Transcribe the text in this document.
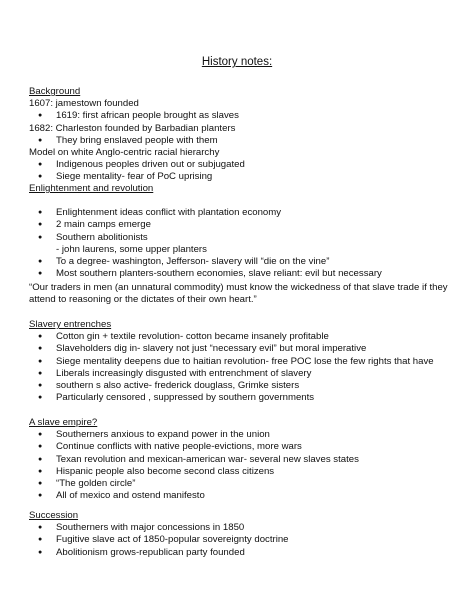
History notes:
Background
1607: jamestown founded
● 1619: first african people brought as slaves
1682: Charleston founded by Barbadian planters
● They bring enslaved people with them
Model on white Anglo-centric racial hierarchy
● Indigenous peoples driven out or subjugated
● Siege mentality- fear of PoC uprising
Enlightenment and revolution
● Enlightenment ideas conflict with plantation economy
● 2 main camps emerge
● Southern abolitionists
- john laurens, some upper planters
● To a degree- washington, Jefferson- slavery will “die on the vine”
● Most southern planters-southern economies, slave reliant: evil but necessary

“Our traders in men (an unnatural commodity) must know the wickedness of that slave trade if they attend to reasoning or the dictates of their own heart.”

Slavery entrenches
● Cotton gin + textile revolution- cotton became insanely profitable
● Slaveholders dig in- slavery not just “necessary evil” but moral imperative
● Siege mentality deepens due to haitian revolution- free POC lose the few rights that have
● Liberals increasingly disgusted with entrenchment of slavery
● southern s also active- frederick douglass, Grimke sisters
● Particularly censored , suppressed by southern governments
A slave empire?
● Southerners anxious to expand power in the union
● Continue conflicts with native people-evictions, more wars
● Texan revolution and mexican-american war- several new slaves states
● Hispanic people also become second class citizens
● “The golden circle”
● All of mexico and ostend manifesto
Succession
● Southerners with major concessions in 1850
● Fugitive slave act of 1850-popular sovereignty doctrine
● Abolitionism grows-republican party founded
